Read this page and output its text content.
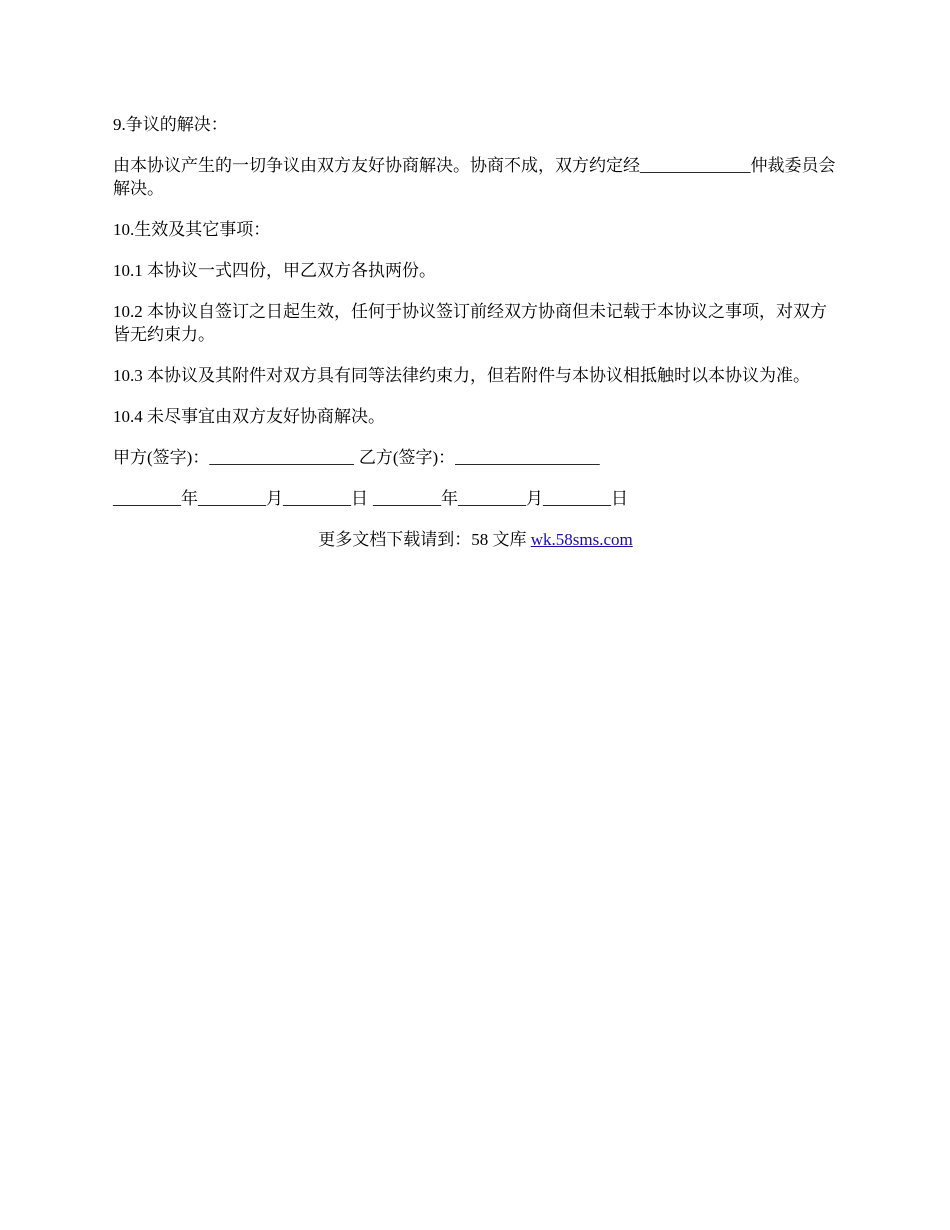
9.争议的解决：

由本协议产生的一切争议由双方友好协商解决。协商不成，双方约定经_____________仲裁委员会解决。

10.生效及其它事项：

10.1 本协议一式四份，甲乙双方各执两份。

10.2 本协议自签订之日起生效，任何于协议签订前经双方协商但未记载于本协议之事项，对双方皆无约束力。

10.3 本协议及其附件对双方具有同等法律约束力，但若附件与本协议相抵触时以本协议为准。

10.4 未尽事宜由双方友好协商解决。

甲方(签字)：_________________ 乙方(签字)：_________________

________年________月________日 ________年________月________日

更多文档下载请到：58 文库 wk.58sms.com
